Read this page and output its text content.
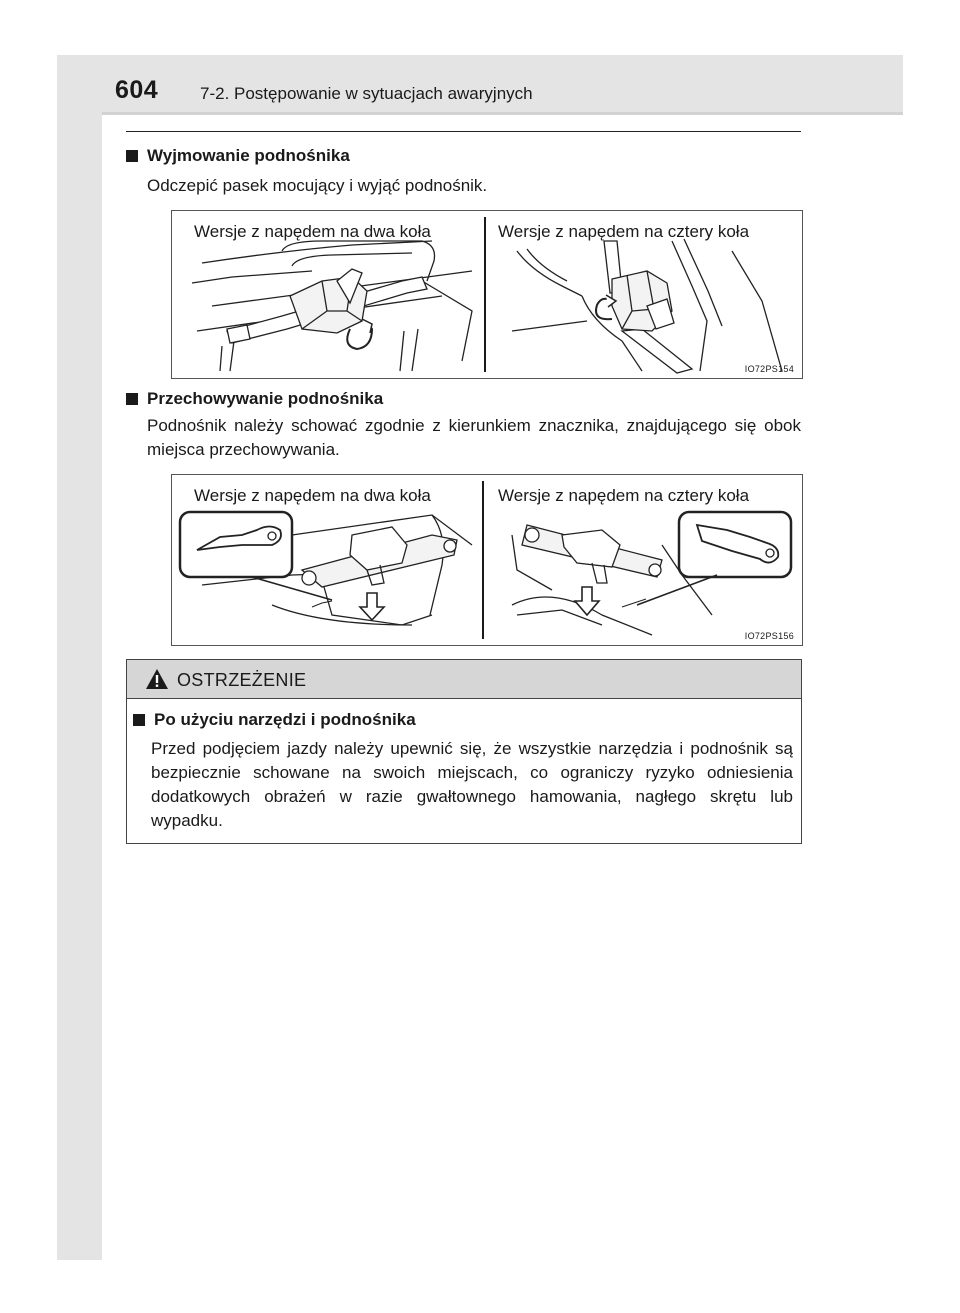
604 7-2. Postępowanie w sytuacjach awaryjnych
Wyjmowanie podnośnika
Odczepić pasek mocujący i wyjąć podnośnik.
Wersje z napędem na dwa koła	Wersje z napędem na cztery koła
IO72PS154
Przechowywanie podnośnika
Podnośnik należy schować zgodnie z kierunkiem znacznika, znajdującego się obok miejsca przechowywania.
Wersje z napędem na dwa koła	Wersje z napędem na cztery koła
IO72PS156
OSTRZEŻENIE
Po użyciu narzędzi i podnośnika
Przed podjęciem jazdy należy upewnić się, że wszystkie narzędzia i podnośnik są bezpiecznie schowane na swoich miejscach, co ograniczy ryzyko odniesienia dodatkowych obrażeń w razie gwałtownego hamowania, nagłego skrętu lub wypadku.
